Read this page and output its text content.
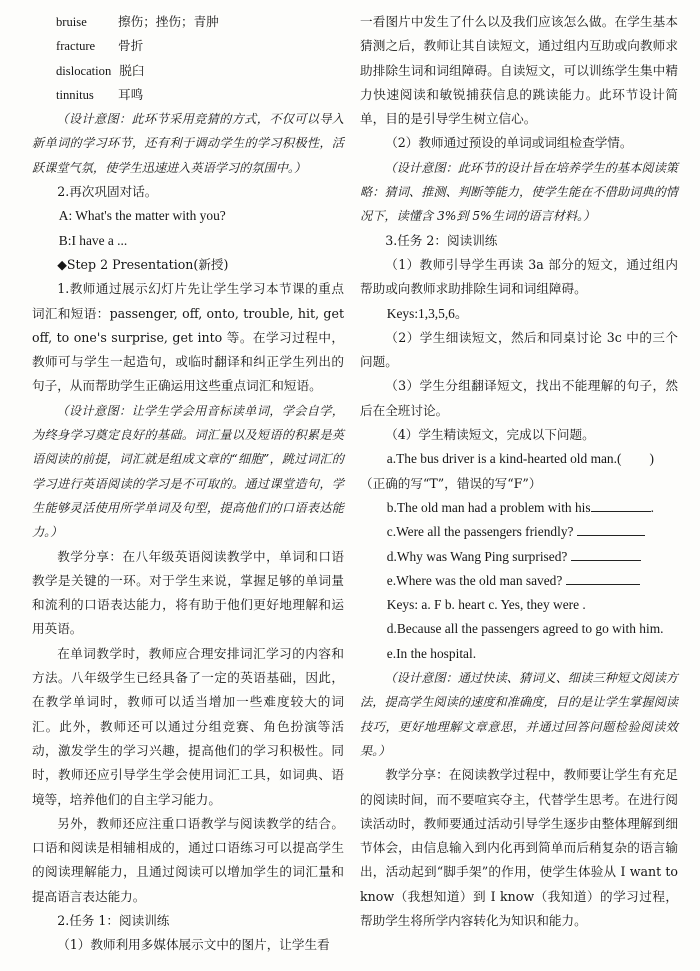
bruise 擦伤；挫伤；青肿

fracture 骨折

dislocation 脱臼

tinnitus 耳鸣

（设计意图：此环节采用竞猜的方式，不仅可以导入新单词的学习环节，还有利于调动学生的学习积极性，活跃课堂气氛，使学生迅速进入英语学习的氛围中。）

2.再次巩固对话。

A: What's the matter with you?

B:I have a ...

◆Step 2 Presentation(新授)

1.教师通过展示幻灯片先让学生学习本节课的重点词汇和短语：passenger, off, onto, trouble, hit, get off, to one's surprise, get into 等。在学习过程中，教师可与学生一起造句，或临时翻译和纠正学生列出的句子，从而帮助学生正确运用这些重点词汇和短语。

（设计意图：让学生学会用音标读单词，学会自学，为终身学习奠定良好的基础。词汇量以及短语的积累是英语阅读的前提，词汇就是组成文章的“细胞”，跳过词汇的学习进行英语阅读的学习是不可取的。通过课堂造句，学生能够灵活使用所学单词及句型，提高他们的口语表达能力。）

教学分享：在八年级英语阅读教学中，单词和口语教学是关键的一环。对于学生来说，掌握足够的单词量和流利的口语表达能力，将有助于他们更好地理解和运用英语。

在单词教学时，教师应合理安排词汇学习的内容和方法。八年级学生已经具备了一定的英语基础，因此，在教学单词时，教师可以适当增加一些难度较大的词汇。此外，教师还可以通过分组竞赛、角色扮演等活动，激发学生的学习兴趣，提高他们的学习积极性。同时，教师还应引导学生学会使用词汇工具，如词典、语境等，培养他们的自主学习能力。

另外，教师还应注重口语教学与阅读教学的结合。口语和阅读是相辅相成的，通过口语练习可以提高学生的阅读理解能力，且通过阅读可以增加学生的词汇量和提高语言表达能力。

2.任务 1：阅读训练

（1）教师利用多媒体展示文中的图片，让学生看

一看图片中发生了什么以及我们应该怎么做。在学生基本猜测之后，教师让其自读短文，通过组内互助或向教师求助排除生词和词组障碍。自读短文，可以训练学生集中精力快速阅读和敏锐捕获信息的跳读能力。此环节设计简单，目的是引导学生树立信心。

（2）教师通过预设的单词或词组检查学情。

（设计意图：此环节的设计旨在培养学生的基本阅读策略：猜词、推测、判断等能力，使学生能在不借助词典的情况下，读懂含 3%到 5%生词的语言材料。）

3.任务 2：阅读训练

（1）教师引导学生再读 3a 部分的短文，通过组内帮助或向教师求助排除生词和词组障碍。

Keys:1,3,5,6。

（2）学生细读短文，然后和同桌讨论 3c 中的三个问题。

（3）学生分组翻译短文，找出不能理解的句子，然后在全班讨论。

（4）学生精读短文，完成以下问题。

a.The bus driver is a kind-hearted old man.( )

（正确的写“T”，错误的写“F”）

b.The old man had a problem with his	.

c.Were all the passengers friendly?

d.Why was Wang Ping surprised?

e.Where was the old man saved?

Keys: a. F b. heart c. Yes, they were .

d.Because all the passengers agreed to go with him.

e.In the hospital.

（设计意图：通过快读、猜词义、细读三种短文阅读方法，提高学生阅读的速度和准确度，目的是让学生掌握阅读技巧，更好地理解文章意思，并通过回答问题检验阅读效果。）

教学分享：在阅读教学过程中，教师要让学生有充足的阅读时间，而不要喧宾夺主，代替学生思考。在进行阅读活动时，教师要通过活动引导学生逐步由整体理解到细节体会，由信息输入到内化再到简单而后稍复杂的语言输出，活动起到“脚手架”的作用，使学生体验从 I want to know（我想知道）到 I know（我知道）的学习过程，帮助学生将所学内容转化为知识和能力。
